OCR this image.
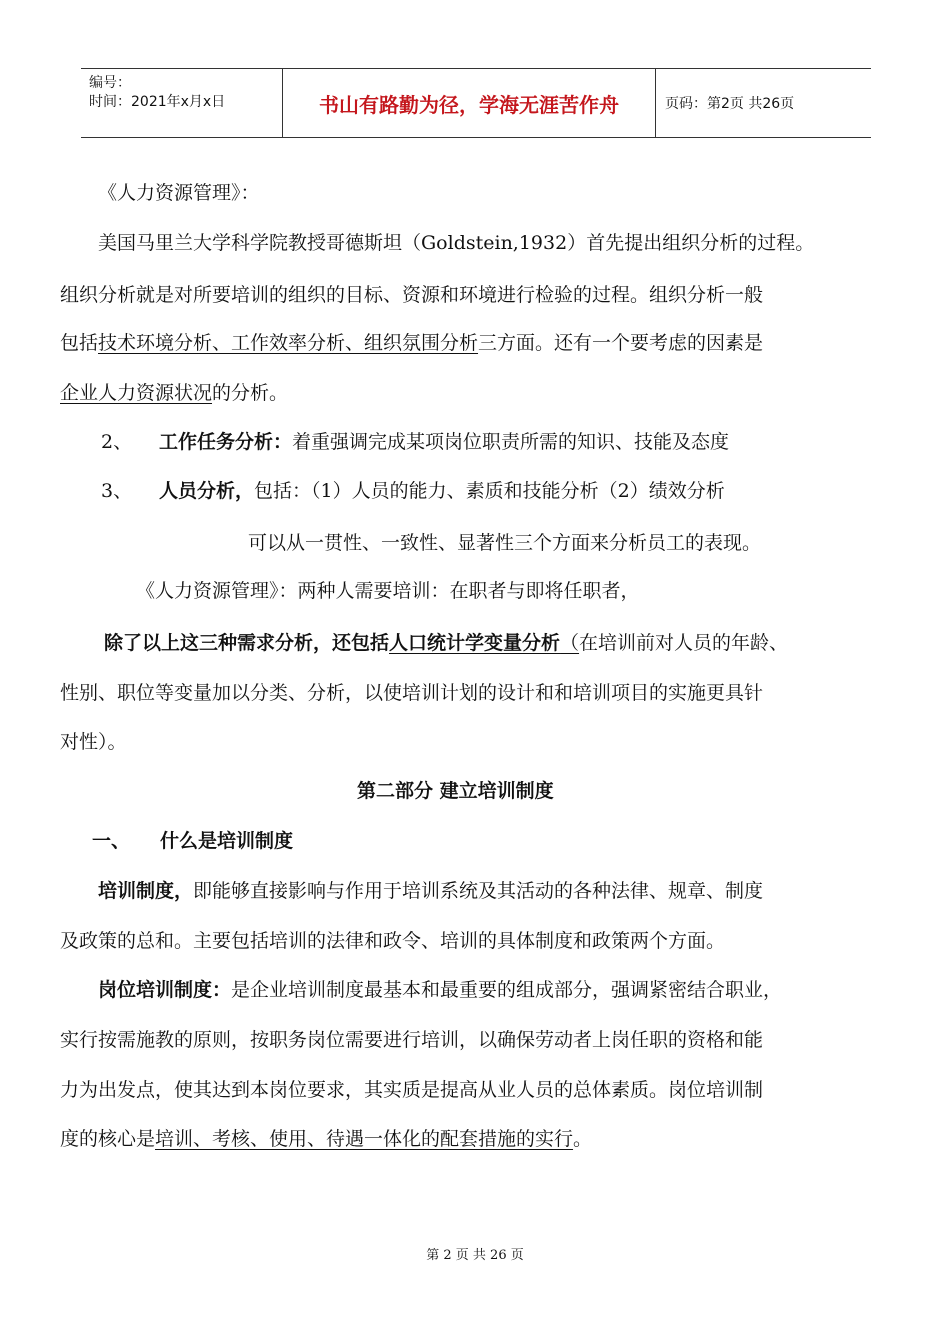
编号：
时间：2021年x月x日	书山有路勤为径，学海无涯苦作舟	页码：第2页 共26页
《人力资源管理》：
美国马里兰大学科学院教授哥德斯坦（Goldstein,1932）首先提出组织分析的过程。
组织分析就是对所要培训的组织的目标、资源和环境进行检验的过程。组织分析一般
包括技术环境分析、工作效率分析、组织氛围分析三方面。还有一个要考虑的因素是
企业人力资源状况的分析。
2、 工作任务分析：着重强调完成某项岗位职责所需的知识、技能及态度
3、 人员分析，包括：（1）人员的能力、素质和技能分析（2）绩效分析
可以从一贯性、一致性、显著性三个方面来分析员工的表现。
《人力资源管理》：两种人需要培训：在职者与即将任职者，
除了以上这三种需求分析，还包括人口统计学变量分析（在培训前对人员的年龄、
性别、职位等变量加以分类、分析，以使培训计划的设计和和培训项目的实施更具针
对性）。
第二部分 建立培训制度
一、 什么是培训制度
培训制度，即能够直接影响与作用于培训系统及其活动的各种法律、规章、制度
及政策的总和。主要包括培训的法律和政令、培训的具体制度和政策两个方面。
岗位培训制度：是企业培训制度最基本和最重要的组成部分，强调紧密结合职业，
实行按需施教的原则，按职务岗位需要进行培训，以确保劳动者上岗任职的资格和能
力为出发点，使其达到本岗位要求，其实质是提高从业人员的总体素质。岗位培训制
度的核心是培训、考核、使用、待遇一体化的配套措施的实行。
第 2 页 共 26 页
